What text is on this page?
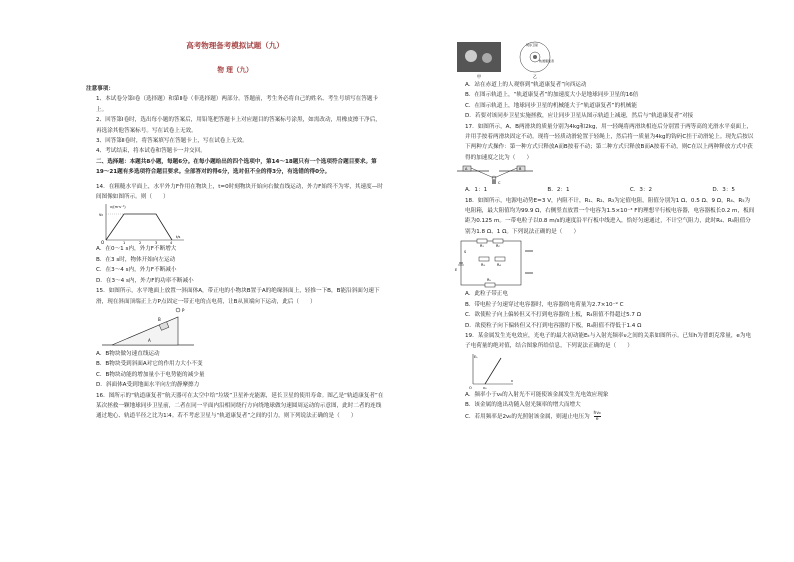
高考物理备考模拟试题（九）
物 理（九）
注意事项：

1、本试卷分第Ⅰ卷（选择题）和第Ⅱ卷（非选择题）两部分。答题前，考生务必将自己的姓名、考生号填写在答题卡上。

2、回答第Ⅰ卷时，选出每小题的答案后，用铅笔把答题卡上对应题目的答案标号涂黑，如需改动，用橡皮擦干净后，再选涂其他答案标号。写在试卷上无效。

3、回答第Ⅱ卷时，将答案填写在答题卡上，写在试卷上无效。

4、考试结束，将本试卷和答题卡一并交回。

二、选择题：本题共8小题，每题6分。在每小题给出的四个选项中，第14～18题只有一个选项符合题目要求。第19～21题有多选项符合题目要求。全部答对的得6分，选对但不全的得3分，有选错的得0分。

14．在粗糙水平面上，水平外力F作用在物块上，t=0时刻物块开始向右做直线运动，外力F始终不为零，其速度—时间图像如图所示。则（　　）

v/(m·s⁻¹)
v₀
O	1	2	3	4
t/s

A．在0～1 s内，外力F不断增大

B．在3 s时，物体开始向左运动

C．在3～4 s内，外力F不断减小

D．在3～4 s内，外力F的功率不断减小

15．如图所示，水平地面上放置一斜面体A，带正电的小物块B置于A的绝缘斜面上，轻推一下B，B能沿斜面匀速下滑，现在斜面顶端正上方P点固定一带正电的点电荷，让B从顶端向下运动，此后（　　）

P
A
B

A．B物块做匀速直线运动

B．B物块受到斜面A对它的作用力大小不变

C．B物块动能的增加量小于电势能的减少量

D．斜面体A受到地面水平向左的静摩擦力

16．图所示的“轨道康复者”航天器可在太空中给“垃圾”卫星补充能源，延长卫星的使用寿命。图乙是“轨道康复者”在某次拯救一颗地球同步卫星前，二者在同一平面内沿相同绕行方向绕地球做匀速圆周运动的示意图，此时二者的连线通过地心、轨道半径之比为1∶4。若不考虑卫星与“轨道康复者”之间的引力，则下列说法正确的是（　　）

甲
同步卫星
轨道康复者
乙

A．站在赤道上的人观察到“轨道康复者”向西运动

B．在图示轨道上，“轨道康复者”的加速度大小是地球同步卫星的16倍

C．在图示轨道上，地球同步卫星的机械能大于“轨道康复者”的机械能

D．若要对该同步卫星实施拯救，应让同步卫星从图示轨道上减速，然后与“轨道康复者”对接

17．如图所示，A、B两滑块的质量分别为4kg和2kg，用一轻绳将两滑块相连后分别置于两等高的光滑水平桌面上，并用手按着两滑块固定不动。现将一轻质动滑轮置于轻绳上，然后将一质量为4kg的钩码C挂于动滑轮上。现先后按以下两种方式操作：第一种方式只释放A而B按着不动；第二种方式只释放B而A按着不动，则C在以上两种释放方式中获得的加速度之比为（　　）

A	B
C
A．1：1	B．2：1	C．3：2	D．3：5

18．如图所示，电源电动势E=3 V，内阻不计，R₁、R₂、R₃为定值电阻，阻值分别为1 Ω、0.5 Ω、9 Ω，R₄、R₅为电阻箱，最大阻值均为99.9 Ω，右侧竖直放置一个电容为1.5×10⁻³ F的理想平行板电容器，电容器板长0.2 m，板间距为0.125 m。一带电粒子以0.8 m/s的速度沿平行板中线进入，恰好匀速通过，不计空气阻力，此时R₄、R₅阻值分别为1.8 Ω、1 Ω。下列说法正确的是（　　）

R₁	R₂
R₃	R₄
R₅
E
S

A．此粒子带正电

B．带电粒子匀速穿过电容器时，电容器的电荷量为2.7×10⁻⁹ C

C．欲使粒子向上偏转但又不打到电容器的上板，R₄阻值不得超过5.7 Ω

D．欲使粒子向下偏转但又不打到电容器的下板，R₄阻值不得低于1.4 Ω

19．某金属发生光电效应，光电子的最大初动能Eₖ与入射光频率ν之间的关系如图所示。已知h为普朗克常量，e为电子电荷量的绝对值，结合图象所给信息，下列说法正确的是（　　）

Eₖ
ν
ν₀
O

A．频率小于ν₀的入射光不可能使该金属发生光电效应现象

B．该金属的逸出功随入射光频率的增大而增大

C．若用频率是2ν₀的光照射该金属，则遏止电压为 $\frac{\text{hν₀}}{e}$
